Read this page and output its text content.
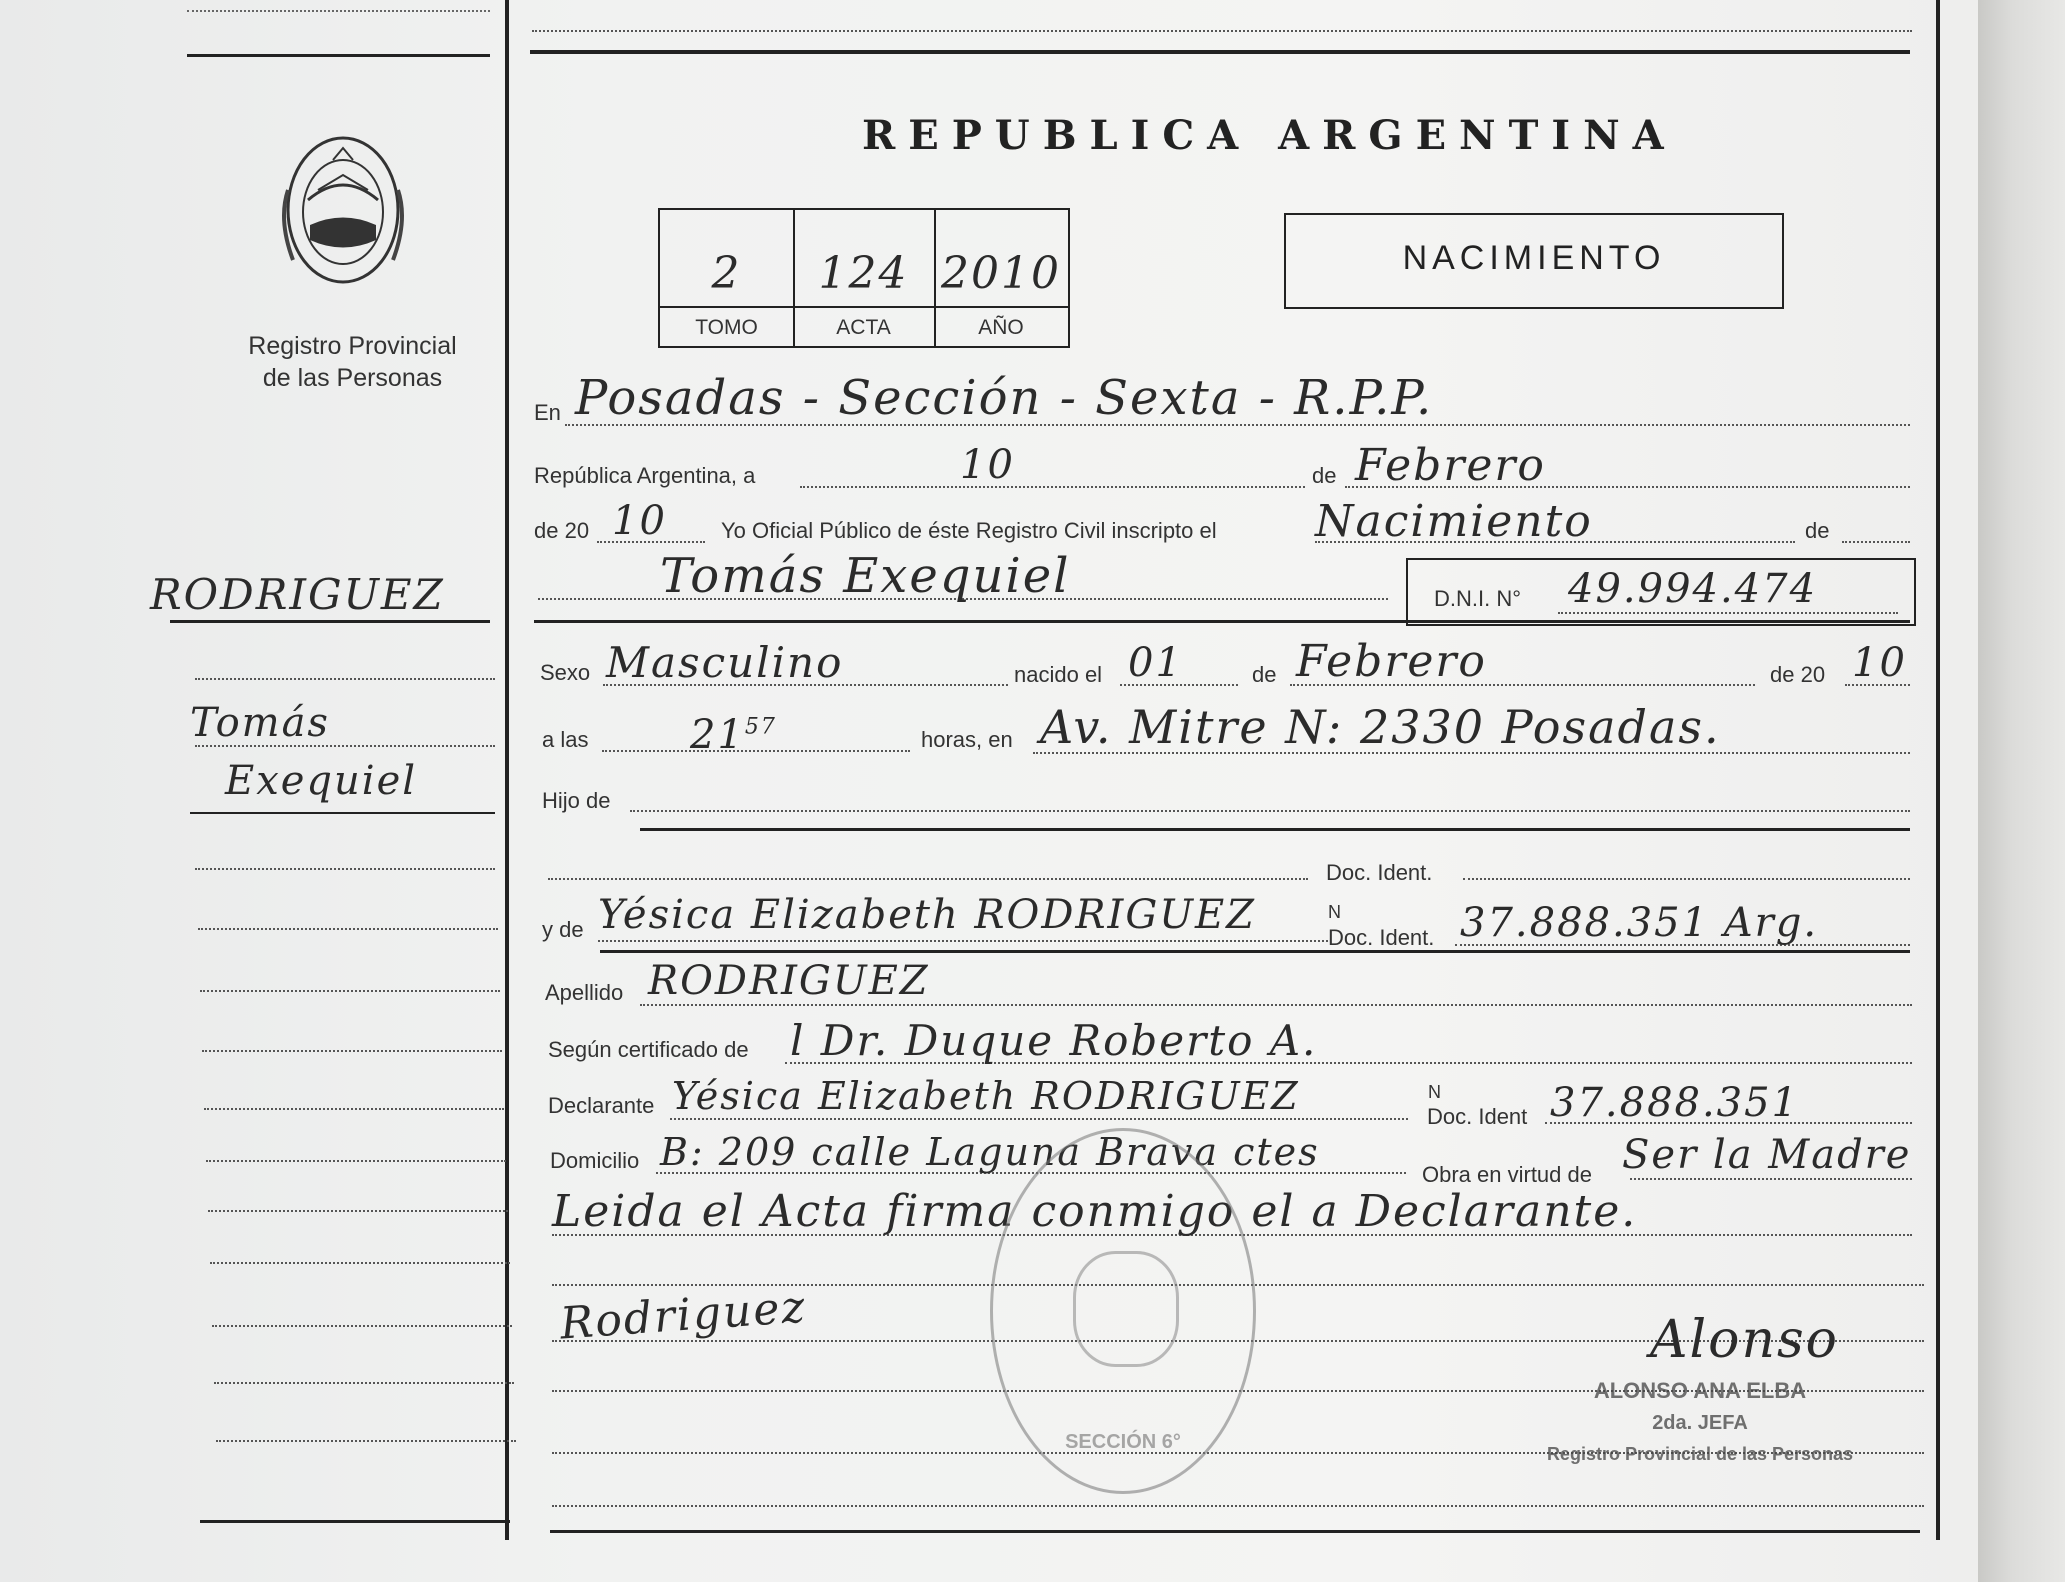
Registro Provincial
de las Personas
RODRIGUEZ
Tomás
Exequiel
REPUBLICA ARGENTINA
2	124 2010
TOMO	ACTA	AÑO
NACIMIENTO
En Posadas - Sección - Sexta - R.P.P.
República Argentina, a	10	de Febrero
de 20 10 Yo Oficial Público de éste Registro Civil inscripto el Nacimiento	de
Tomás Exequiel	D.N.I. N° 49.994.474
Sexo Masculino	nacido el 01	de Febrero	de 20 10
a las	$21^{57}$	horas, en Av. Mitre N: 2330 Posadas.
Hijo de
Doc. Ident.
y de Yésica Elizabeth RODRIGUEZ	N
Doc. Ident. 37.888.351 Arg.
Apellido RODRIGUEZ
Según certificado de l Dr. Duque Roberto A.
Declarante Yésica Elizabeth RODRIGUEZ	N
Doc. Ident 37.888.351
Domicilio B: 209 calle Laguna Brava ctes
Obra en virtud de Ser la Madre
Leida el Acta firma conmigo el a Declarante.
SECCIÓN 6°
Rodriguez	Alonso
ALONSO ANA ELBA
2da. JEFA
Registro Provincial de las Personas
